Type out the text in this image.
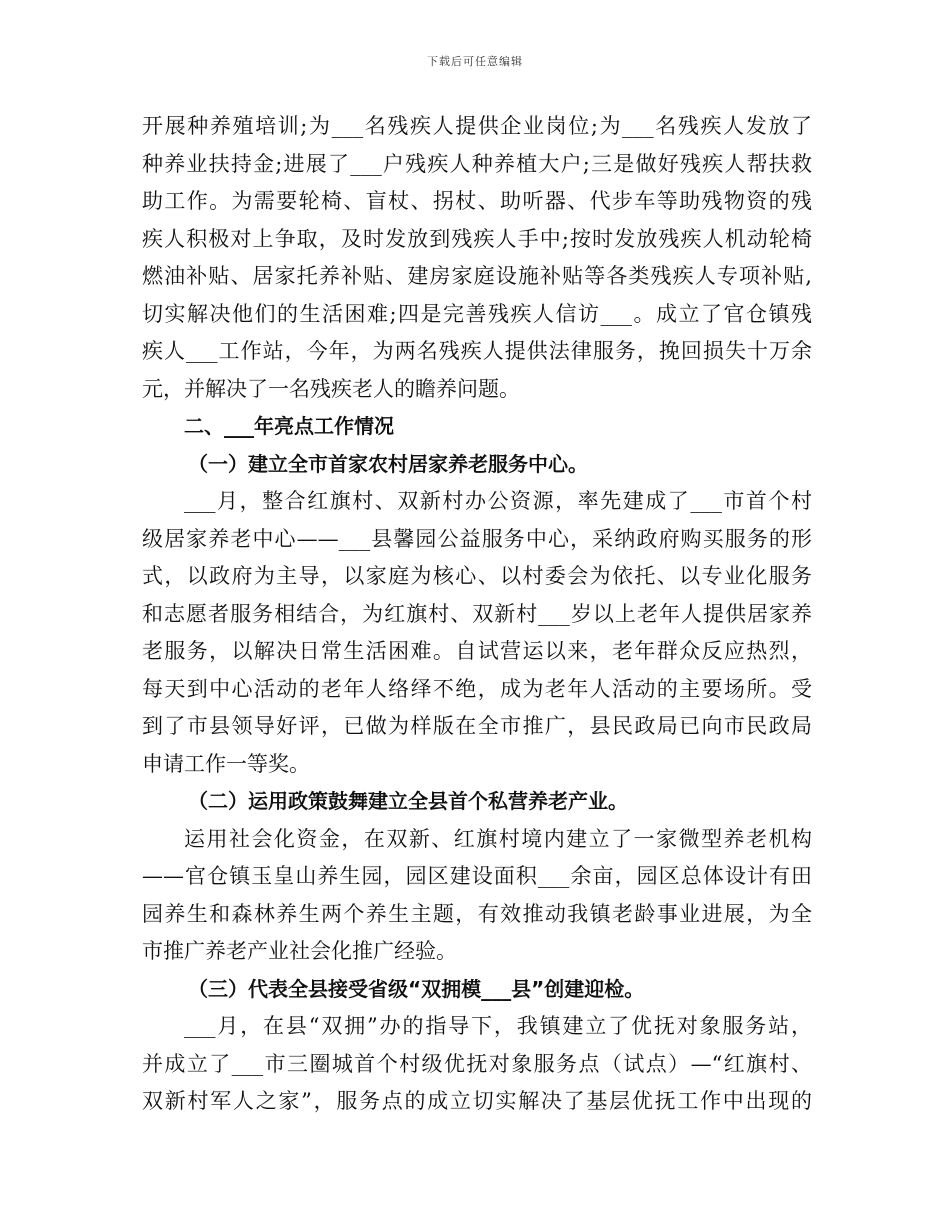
下载后可任意编辑
开展种养殖培训;为___名残疾人提供企业岗位;为___名残疾人发放了
种养业扶持金;进展了___户残疾人种养植大户;三是做好残疾人帮扶救
助工作。为需要轮椅、盲杖、拐杖、助听器、代步车等助残物资的残
疾人积极对上争取，及时发放到残疾人手中;按时发放残疾人机动轮椅
燃油补贴、居家托养补贴、建房家庭设施补贴等各类残疾人专项补贴,
切实解决他们的生活困难;四是完善残疾人信访___。成立了官仓镇残
疾人___工作站，今年，为两名残疾人提供法律服务，挽回损失十万余
元，并解决了一名残疾老人的瞻养问题。
二、___年亮点工作情况
（一）建立全市首家农村居家养老服务中心。
___月，整合红旗村、双新村办公资源，率先建成了___市首个村
级居家养老中心——___县馨园公益服务中心，采纳政府购买服务的形
式，以政府为主导，以家庭为核心、以村委会为依托、以专业化服务
和志愿者服务相结合，为红旗村、双新村___岁以上老年人提供居家养
老服务，以解决日常生活困难。自试营运以来，老年群众反应热烈，
每天到中心活动的老年人络绎不绝，成为老年人活动的主要场所。受
到了市县领导好评，已做为样版在全市推广，县民政局已向市民政局
申请工作一等奖。
（二）运用政策鼓舞建立全县首个私营养老产业。
运用社会化资金，在双新、红旗村境内建立了一家微型养老机构
——官仓镇玉皇山养生园，园区建设面积___余亩，园区总体设计有田
园养生和森林养生两个养生主题，有效推动我镇老龄事业进展，为全
市推广养老产业社会化推广经验。
（三）代表全县接受省级“双拥模___县”创建迎检。
___月，在县“双拥”办的指导下，我镇建立了优抚对象服务站，
并成立了___市三圈城首个村级优抚对象服务点（试点）—“红旗村、
双新村军人之家”，服务点的成立切实解决了基层优抚工作中出现的
